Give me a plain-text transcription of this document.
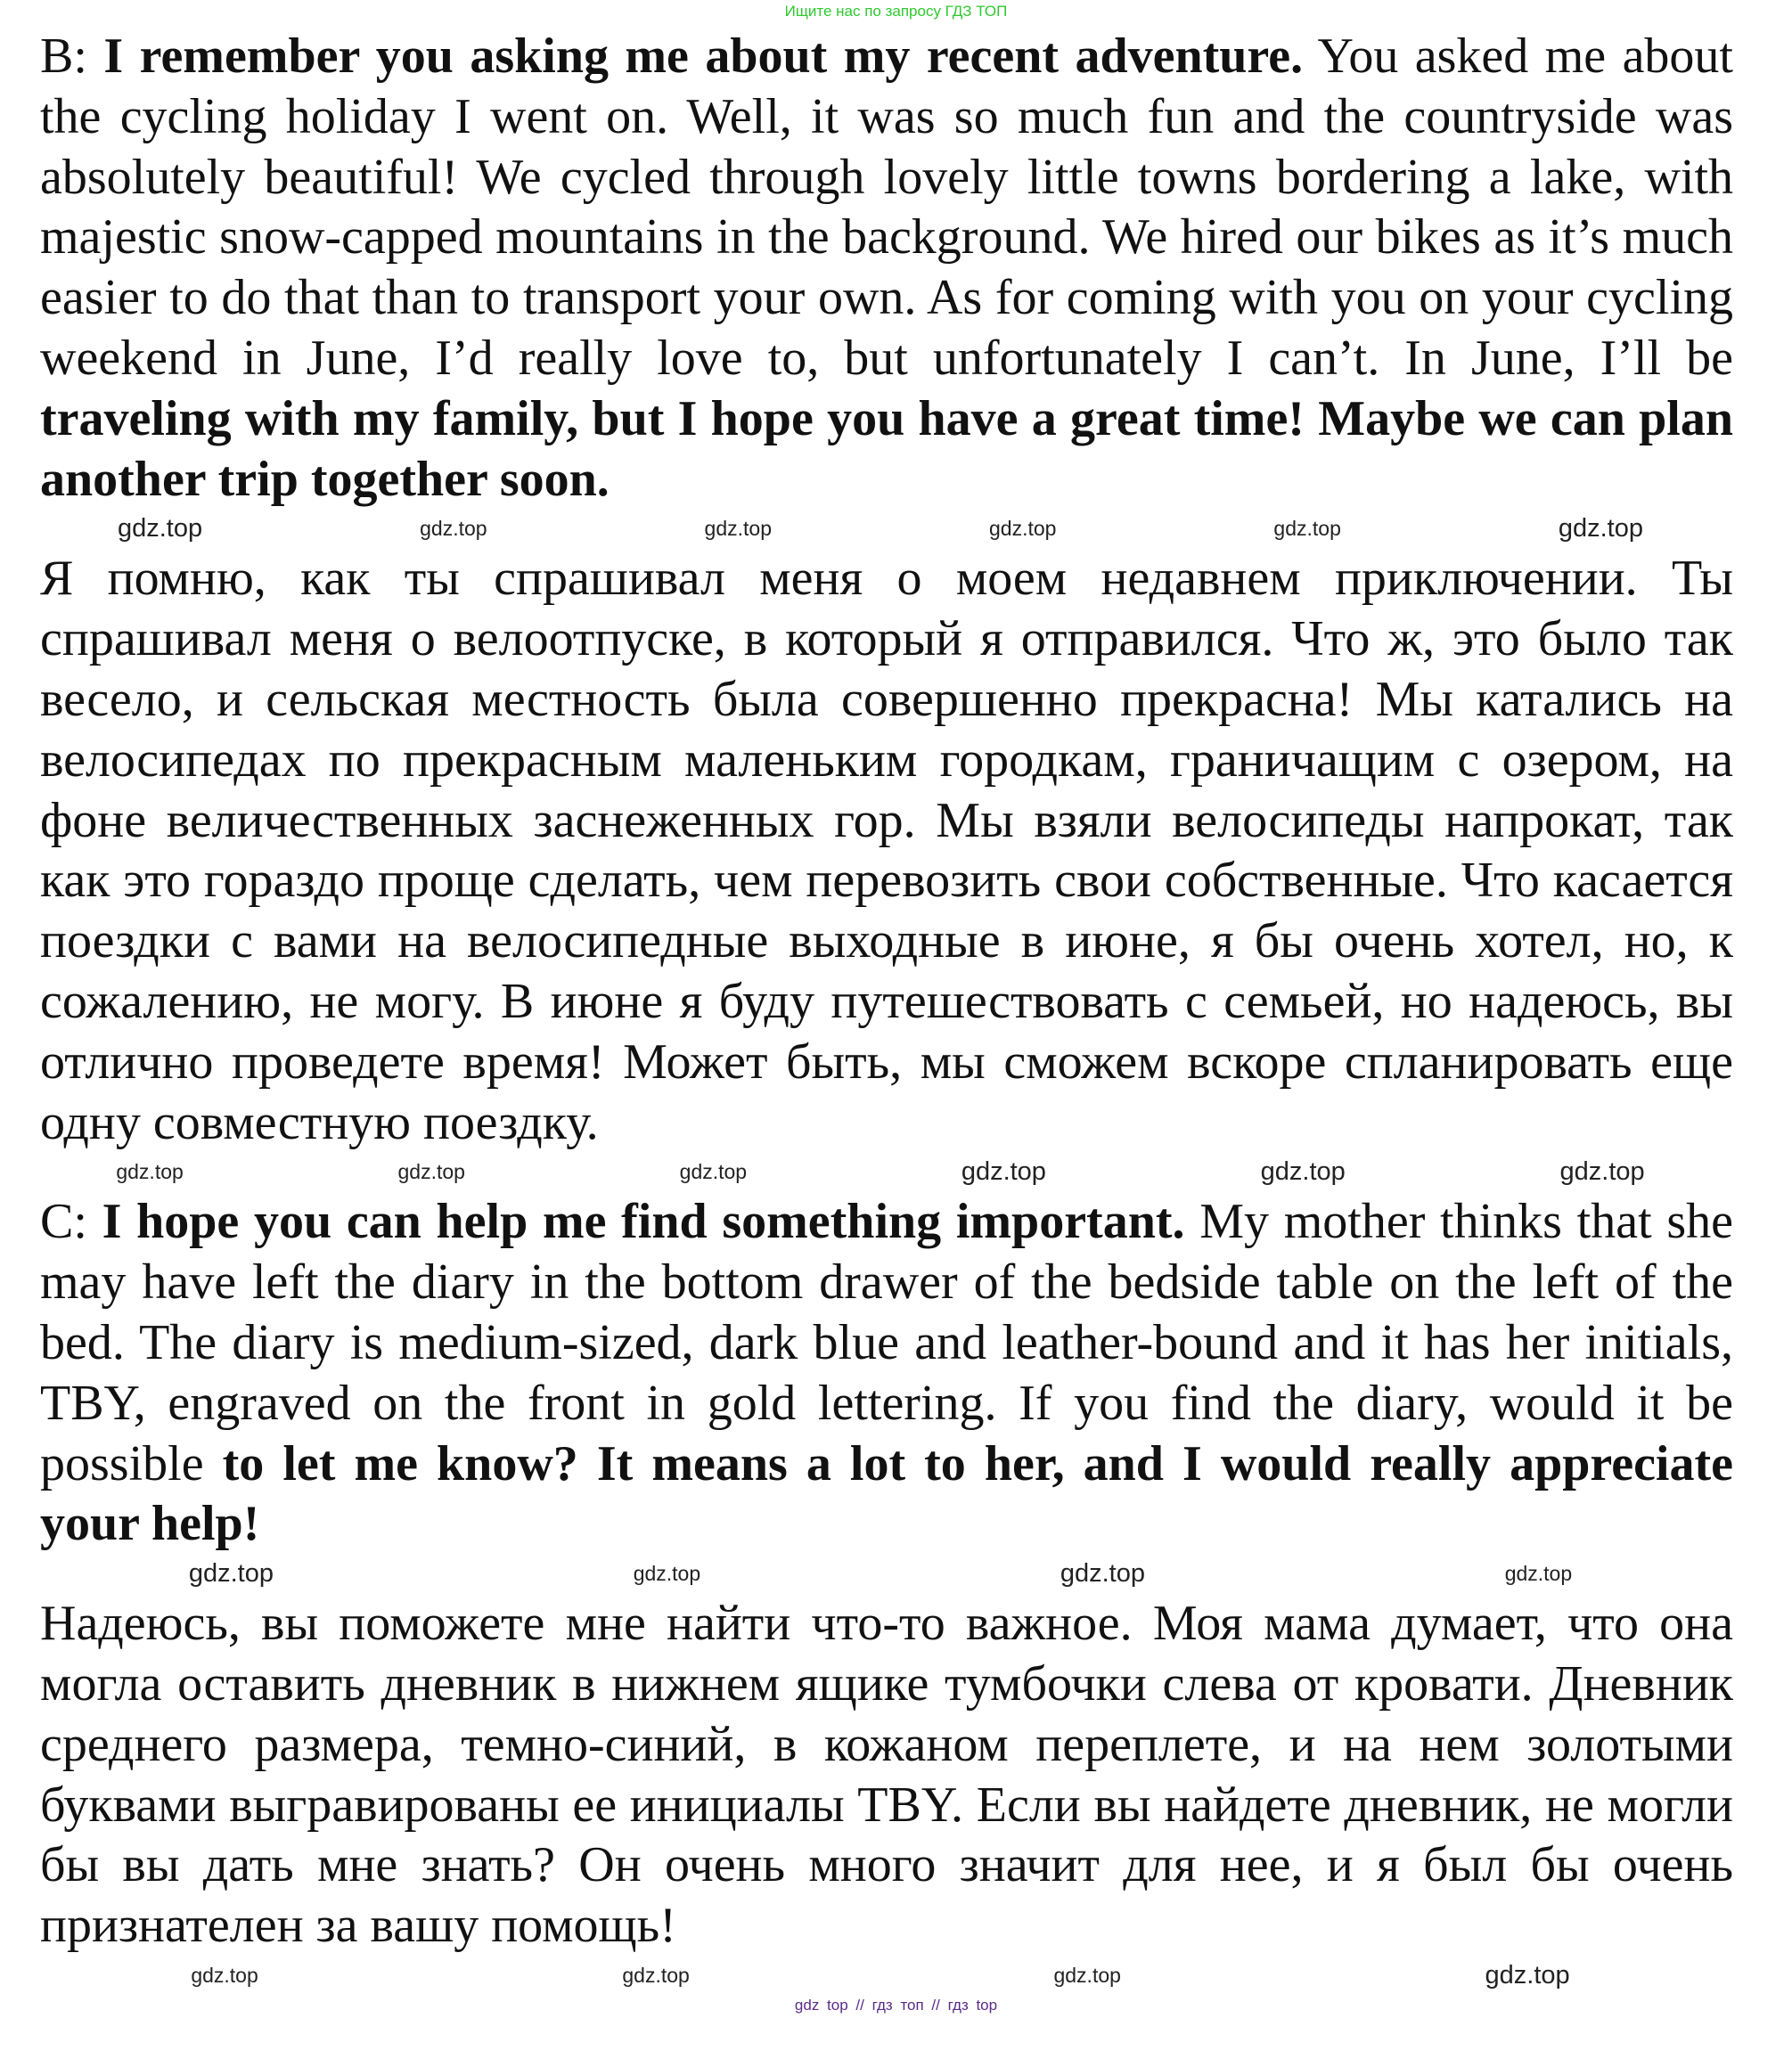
Ищите нас по запросу ГДЗ ТОП

B: I remember you asking me about my recent adventure. You asked me about the cycling holiday I went on. Well, it was so much fun and the countryside was absolutely beautiful! We cycled through lovely little towns bordering a lake, with majestic snow-capped mountains in the background. We hired our bikes as it’s much easier to do that than to transport your own. As for coming with you on your cycling weekend in June, I’d really love to, but unfortunately I can’t. In June, I’ll be traveling with my family, but I hope you have a great time! Maybe we can plan another trip together soon.

gdz.top	gdz.top	gdz.top	gdz.top	gdz.top	gdz.top

Я помню, как ты спрашивал меня о моем недавнем приключении. Ты спрашивал меня о велоотпуске, в который я отправился. Что ж, это было так весело, и сельская местность была совершенно прекрасна! Мы катались на велосипедах по прекрасным маленьким городкам, граничащим с озером, на фоне величественных заснеженных гор. Мы взяли велосипеды напрокат, так как это гораздо проще сделать, чем перевозить свои собственные. Что касается поездки с вами на велосипедные выходные в июне, я бы очень хотел, но, к сожалению, не могу. В июне я буду путешествовать с семьей, но надеюсь, вы отлично проведете время! Может быть, мы сможем вскоре спланировать еще одну совместную поездку.

gdz.top	gdz.top	gdz.top	gdz.top	gdz.top	gdz.top

C: I hope you can help me find something important. My mother thinks that she may have left the diary in the bottom drawer of the bedside table on the left of the bed. The diary is medium-sized, dark blue and leather-bound and it has her initials, TBY, engraved on the front in gold lettering. If you find the diary, would it be possible to let me know? It means a lot to her, and I would really appreciate your help!

gdz.top	gdz.top	gdz.top	gdz.top

Надеюсь, вы поможете мне найти что-то важное. Моя мама думает, что она могла оставить дневник в нижнем ящике тумбочки слева от кровати. Дневник среднего размера, темно-синий, в кожаном переплете, и на нем золотыми буквами выгравированы ее инициалы TBY. Если вы найдете дневник, не могли бы вы дать мне знать? Он очень много значит для нее, и я был бы очень признателен за вашу помощь!

gdz.top	gdz.top	gdz.top	gdz.top
gdz top // гдз топ // гдз top
